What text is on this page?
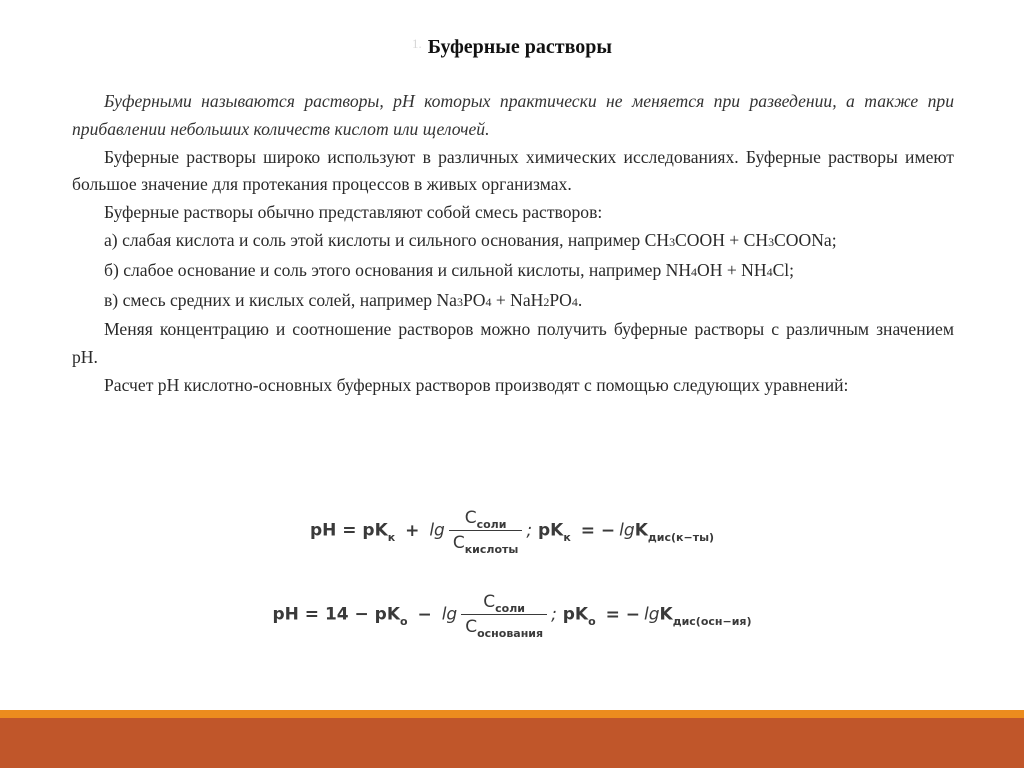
$^{1.}$ Буферные растворы

Буферными называются растворы, pH которых практически не меняется при разведении, а также при прибавлении небольших количеств кислот или щелочей.

Буферные растворы широко используют в различных химических исследованиях. Буферные растворы имеют большое значение для протекания процессов в живых организмах.

Буферные растворы обычно представляют собой смесь растворов:

а) слабая кислота и соль этой кислоты и сильного основания, например $CH_3COOH$ + $CH_3COONa$;

б) слабое основание и соль этого основания и сильной кислоты, например $NH_4OH + NH_4Cl$;

в) смесь средних и кислых солей, например $Na_3PO_4 + NaH_2PO_4$.

Меняя концентрацию и соотношение растворов можно получить буферные растворы с различным значением pH.

Расчет pH кислотно-основных буферных растворов производят с помощью следующих уравнений:

pH = $pK_к + \lg \frac{C_{соли}}{C_{кислоты}}$ ; $pK_к$ = − lgK$_{дис(к-ты)}$
pH = $14 - pK_о - \lg \frac{C_{соли}}{C_{основания}}$ ; $pK_о$ = − lgK$_{дис(осн-ия)}$
